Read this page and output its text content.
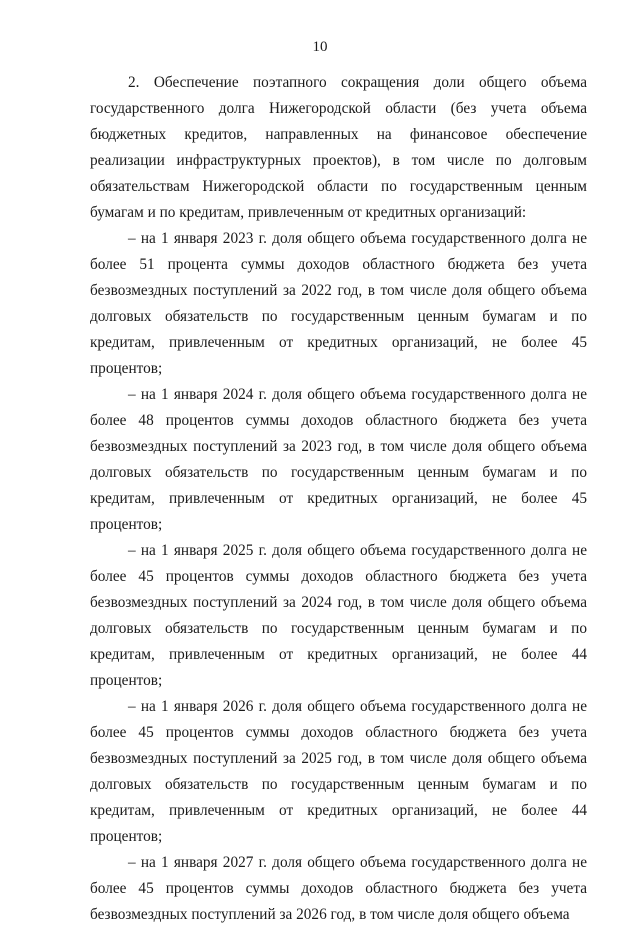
10

2. Обеспечение поэтапного сокращения доли общего объема государственного долга Нижегородской области (без учета объема бюджетных кредитов, направленных на финансовое обеспечение реализации инфраструктурных проектов), в том числе по долговым обязательствам Нижегородской области по государственным ценным бумагам и по кредитам, привлеченным от кредитных организаций:

– на 1 января 2023 г. доля общего объема государственного долга не более 51 процента суммы доходов областного бюджета без учета безвозмездных поступлений за 2022 год, в том числе доля общего объема долговых обязательств по государственным ценным бумагам и по кредитам, привлеченным от кредитных организаций, не более 45 процентов;

– на 1 января 2024 г. доля общего объема государственного долга не более 48 процентов суммы доходов областного бюджета без учета безвозмездных поступлений за 2023 год, в том числе доля общего объема долговых обязательств по государственным ценным бумагам и по кредитам, привлеченным от кредитных организаций, не более 45 процентов;

– на 1 января 2025 г. доля общего объема государственного долга не более 45 процентов суммы доходов областного бюджета без учета безвозмездных поступлений за 2024 год, в том числе доля общего объема долговых обязательств по государственным ценным бумагам и по кредитам, привлеченным от кредитных организаций, не более 44 процентов;

– на 1 января 2026 г. доля общего объема государственного долга не более 45 процентов суммы доходов областного бюджета без учета безвозмездных поступлений за 2025 год, в том числе доля общего объема долговых обязательств по государственным ценным бумагам и по кредитам, привлеченным от кредитных организаций, не более 44 процентов;

– на 1 января 2027 г. доля общего объема государственного долга не более 45 процентов суммы доходов областного бюджета без учета безвозмездных поступлений за 2026 год, в том числе доля общего объема
